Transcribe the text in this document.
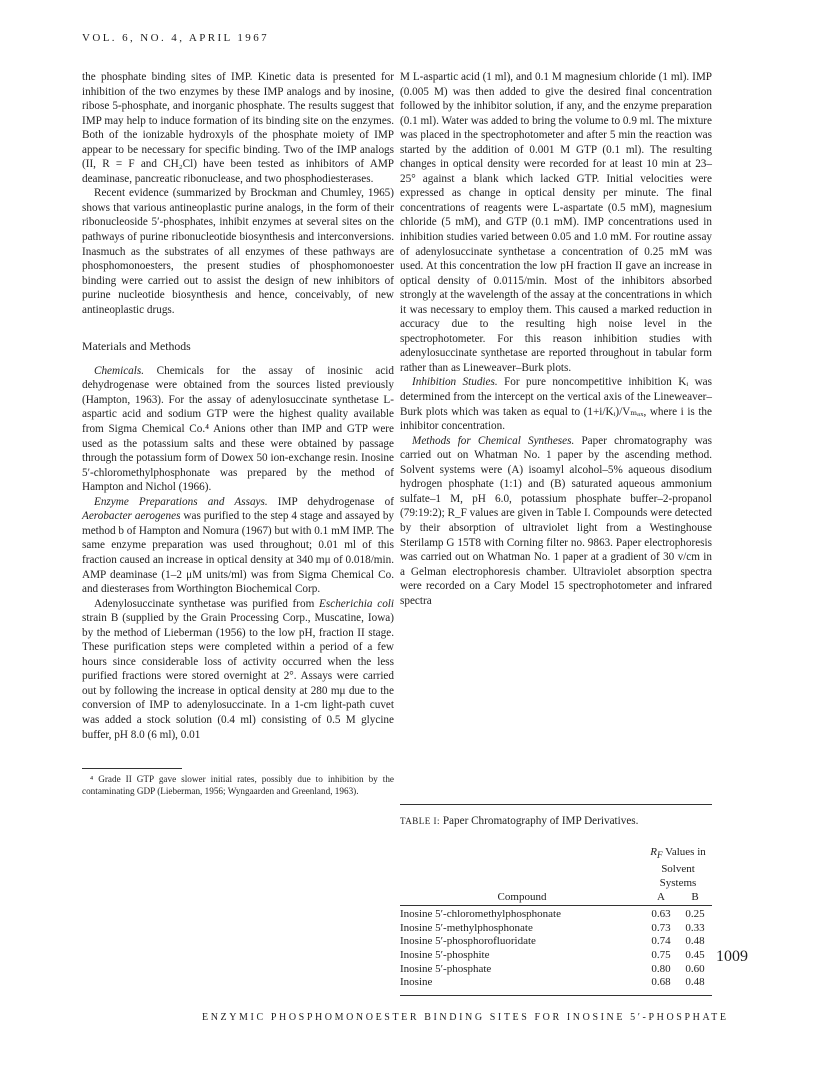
VOL. 6, NO. 4, APRIL 1967

the phosphate binding sites of IMP. Kinetic data is presented for inhibition of the two enzymes by these IMP analogs and by inosine, ribose 5-phosphate, and inorganic phosphate. The results suggest that IMP may help to induce formation of its binding site on the enzymes. Both of the ionizable hydroxyls of the phosphate moiety of IMP appear to be necessary for specific binding. Two of the IMP analogs (II, R = F and CH₂Cl) have been tested as inhibitors of AMP deaminase, pancreatic ribonuclease, and two phosphodiesterases.

Recent evidence (summarized by Brockman and Chumley, 1965) shows that various antineoplastic purine analogs, in the form of their ribonucleoside 5′-phosphates, inhibit enzymes at several sites on the pathways of purine ribonucleotide biosynthesis and interconversions. Inasmuch as the substrates of all enzymes of these pathways are phosphomonoesters, the present studies of phosphomonoester binding were carried out to assist the design of new inhibitors of purine nucleotide biosynthesis and hence, conceivably, of new antineoplastic drugs.

Materials and Methods

Chemicals. Chemicals for the assay of inosinic acid dehydrogenase were obtained from the sources listed previously (Hampton, 1963). For the assay of adenylosuccinate synthetase L-aspartic acid and sodium GTP were the highest quality available from Sigma Chemical Co.⁴ Anions other than IMP and GTP were used as the potassium salts and these were obtained by passage through the potassium form of Dowex 50 ion-exchange resin. Inosine 5′-chloromethylphosphonate was prepared by the method of Hampton and Nichol (1966).

Enzyme Preparations and Assays. IMP dehydrogenase of Aerobacter aerogenes was purified to the step 4 stage and assayed by method b of Hampton and Nomura (1967) but with 0.1 mM IMP. The same enzyme preparation was used throughout; 0.01 ml of this fraction caused an increase in optical density at 340 mμ of 0.018/min. AMP deaminase (1–2 μM units/ml) was from Sigma Chemical Co. and diesterases from Worthington Biochemical Corp.

Adenylosuccinate synthetase was purified from Escherichia coli strain B (supplied by the Grain Processing Corp., Muscatine, Iowa) by the method of Lieberman (1956) to the low pH, fraction II stage. These purification steps were completed within a period of a few hours since considerable loss of activity occurred when the less purified fractions were stored overnight at 2°. Assays were carried out by following the increase in optical density at 280 mμ due to the conversion of IMP to adenylosuccinate. In a 1-cm light-path cuvet was added a stock solution (0.4 ml) consisting of 0.5 M glycine buffer, pH 8.0 (6 ml), 0.01

⁴ Grade II GTP gave slower initial rates, possibly due to inhibition by the contaminating GDP (Lieberman, 1956; Wyngaarden and Greenland, 1963).

M L-aspartic acid (1 ml), and 0.1 M magnesium chloride (1 ml). IMP (0.005 M) was then added to give the desired final concentration followed by the inhibitor solution, if any, and the enzyme preparation (0.1 ml). Water was added to bring the volume to 0.9 ml. The mixture was placed in the spectrophotometer and after 5 min the reaction was started by the addition of 0.001 M GTP (0.1 ml). The resulting changes in optical density were recorded for at least 10 min at 23–25° against a blank which lacked GTP. Initial velocities were expressed as change in optical density per minute. The final concentrations of reagents were L-aspartate (0.5 mM), magnesium chloride (5 mM), and GTP (0.1 mM). IMP concentrations used in inhibition studies varied between 0.05 and 1.0 mM. For routine assay of adenylosuccinate synthetase a concentration of 0.25 mM was used. At this concentration the low pH fraction II gave an increase in optical density of 0.0115/min. Most of the inhibitors absorbed strongly at the wavelength of the assay at the concentrations in which it was necessary to employ them. This caused a marked reduction in accuracy due to the resulting high noise level in the spectrophotometer. For this reason inhibition studies with adenylosuccinate synthetase are reported throughout in tabular form rather than as Lineweaver–Burk plots.

Inhibition Studies. For pure noncompetitive inhibition Kᵢ was determined from the intercept on the vertical axis of the Lineweaver–Burk plots which was taken as equal to (1+i/Kᵢ)/Vₘₐₓ, where i is the inhibitor concentration.

Methods for Chemical Syntheses. Paper chromatography was carried out on Whatman No. 1 paper by the ascending method. Solvent systems were (A) isoamyl alcohol–5% aqueous disodium hydrogen phosphate (1:1) and (B) saturated aqueous ammonium sulfate–1 M, pH 6.0, potassium phosphate buffer–2-propanol (79:19:2); R_F values are given in Table I. Compounds were detected by their absorption of ultraviolet light from a Westinghouse Sterilamp G 15T8 with Corning filter no. 9863. Paper electrophoresis was carried out on Whatman No. 1 paper at a gradient of 30 v/cm in a Gelman electrophoresis chamber. Ultraviolet absorption spectra were recorded on a Cary Model 15 spectrophotometer and infrared spectra

TABLE I: Paper Chromatography of IMP Derivatives.
	$R_F$ Values in	
	Solvent Systems	
Compound	A	B

Inosine 5′-chloromethylphosphonate	0.63	0.25
Inosine 5′-methylphosphonate	0.73	0.33
Inosine 5′-phosphorofluoridate	0.74	0.48
Inosine 5′-phosphite	0.75	0.45
Inosine 5′-phosphate	0.80	0.60
Inosine	0.68	0.48
1009
ENZYMIC PHOSPHOMONOESTER BINDING SITES FOR INOSINE 5′-PHOSPHATE
